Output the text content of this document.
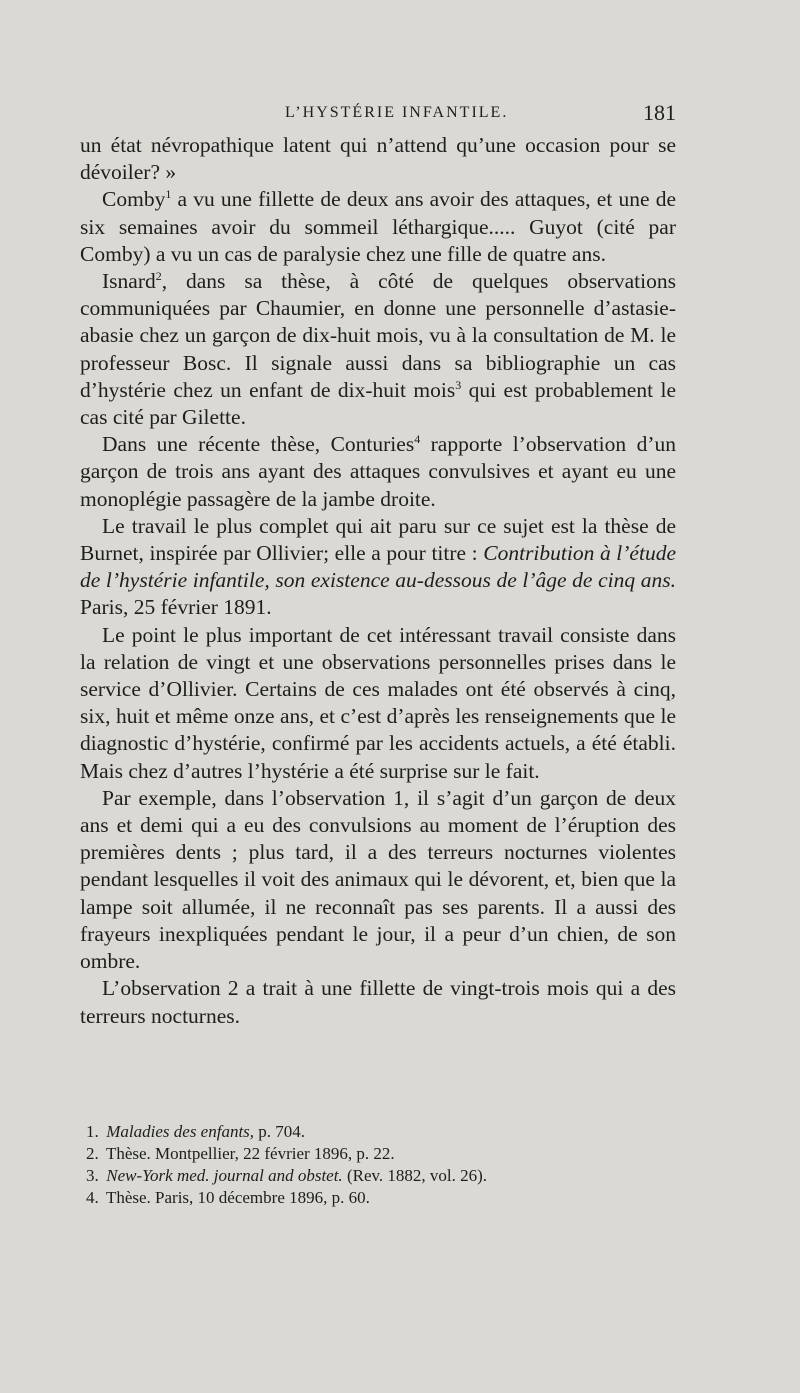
L’HYSTÉRIE INFANTILE.	181

un état névropathique latent qui n’attend qu’une occasion pour se dévoiler? »

Comby$^1$ a vu une fillette de deux ans avoir des attaques, et une de six semaines avoir du sommeil léthargique..... Guyot (cité par Comby) a vu un cas de paralysie chez une fille de quatre ans.

Isnard$^2$, dans sa thèse, à côté de quelques observations communiquées par Chaumier, en donne une personnelle d’astasie-abasie chez un garçon de dix-huit mois, vu à la consultation de M. le professeur Bosc. Il signale aussi dans sa bibliographie un cas d’hystérie chez un enfant de dix-huit mois$^3$ qui est probablement le cas cité par Gilette.

Dans une récente thèse, Conturies$^4$ rapporte l’observation d’un garçon de trois ans ayant des attaques convulsives et ayant eu une monoplégie passagère de la jambe droite.

Le travail le plus complet qui ait paru sur ce sujet est la thèse de Burnet, inspirée par Ollivier; elle a pour titre : Contribution à l’étude de l’hystérie infantile, son existence au-dessous de l’âge de cinq ans. Paris, 25 février 1891.

Le point le plus important de cet intéressant travail consiste dans la relation de vingt et une observations personnelles prises dans le service d’Ollivier. Certains de ces malades ont été observés à cinq, six, huit et même onze ans, et c’est d’après les renseignements que le diagnostic d’hystérie, confirmé par les accidents actuels, a été établi. Mais chez d’autres l’hystérie a été surprise sur le fait.

Par exemple, dans l’observation 1, il s’agit d’un garçon de deux ans et demi qui a eu des convulsions au moment de l’éruption des premières dents ; plus tard, il a des terreurs nocturnes violentes pendant lesquelles il voit des animaux qui le dévorent, et, bien que la lampe soit allumée, il ne reconnaît pas ses parents. Il a aussi des frayeurs inexpliquées pendant le jour, il a peur d’un chien, de son ombre.

L’observation 2 a trait à une fillette de vingt-trois mois qui a des terreurs nocturnes.

1. Maladies des enfants, p. 704.

2. Thèse. Montpellier, 22 février 1896, p. 22.

3. New-York med. journal and obstet. (Rev. 1882, vol. 26).

4. Thèse. Paris, 10 décembre 1896, p. 60.
